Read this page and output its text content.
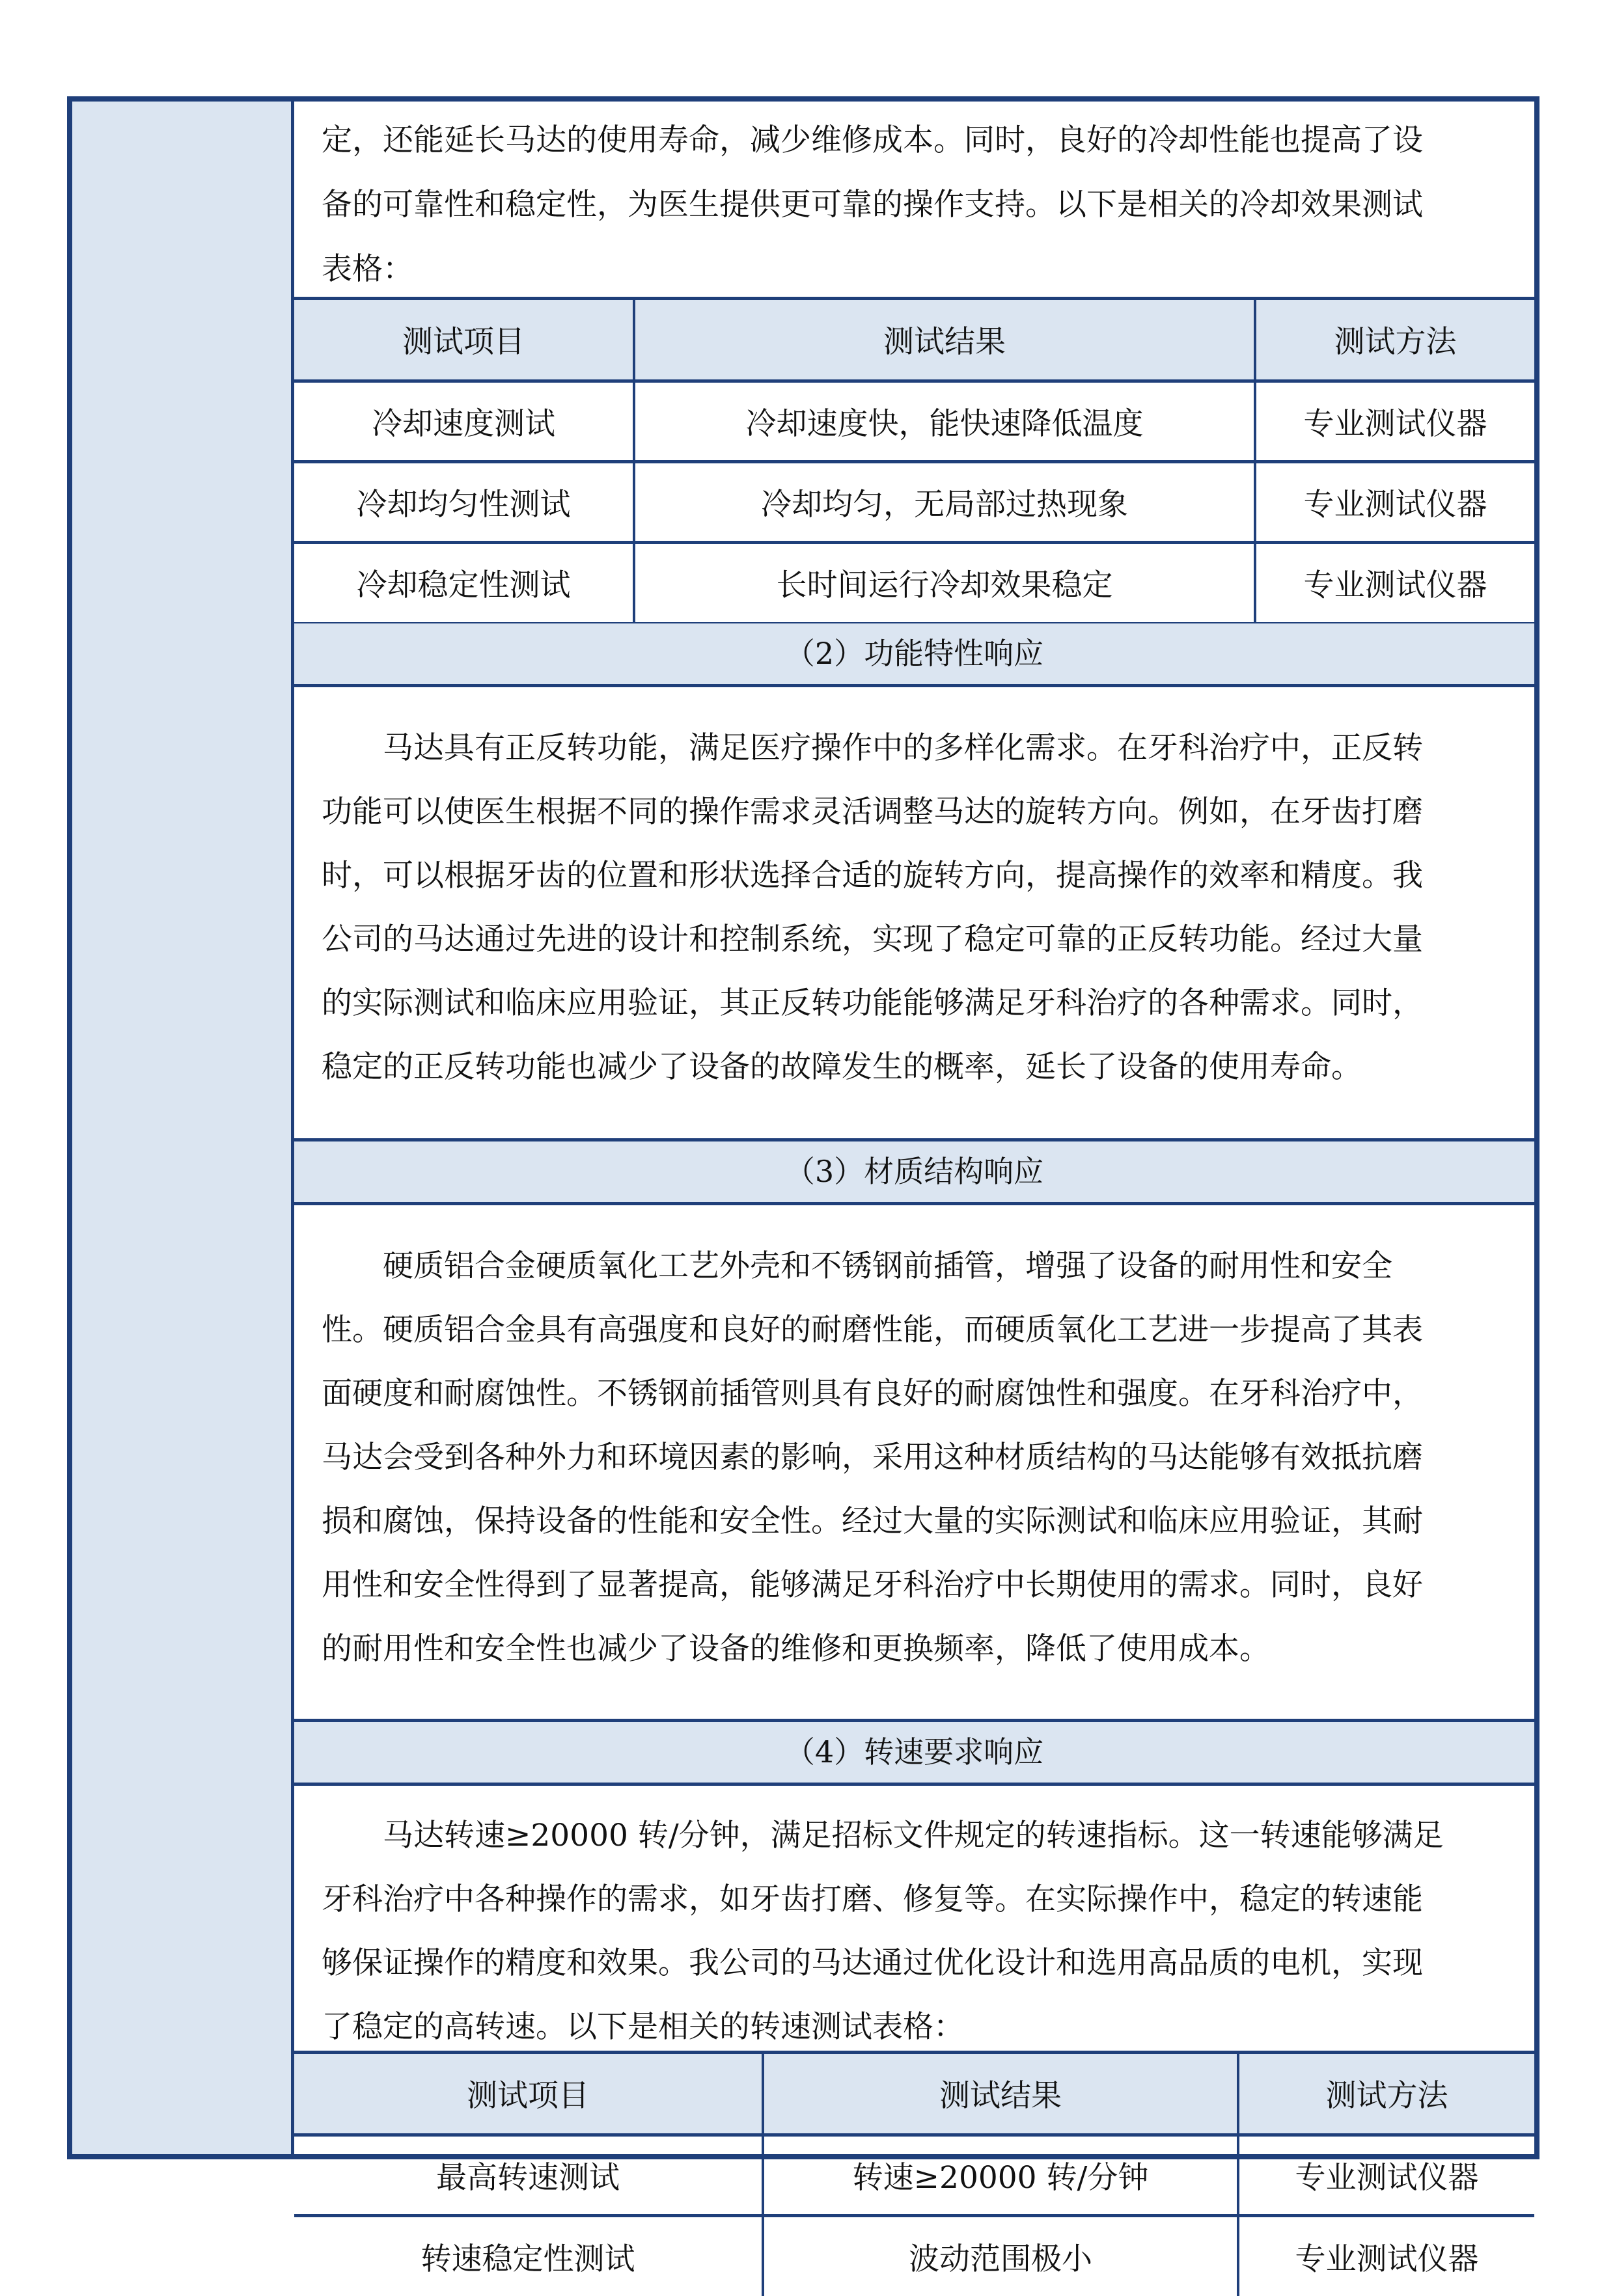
定，还能延长马达的使用寿命，减少维修成本。同时，良好的冷却性能也提高了设
备的可靠性和稳定性，为医生提供更可靠的操作支持。以下是相关的冷却效果测试
表格：
测试项目	测试结果	测试方法
冷却速度测试	冷却速度快，能快速降低温度	专业测试仪器
冷却均匀性测试	冷却均匀，无局部过热现象	专业测试仪器
冷却稳定性测试	长时间运行冷却效果稳定	专业测试仪器
（2）功能特性响应
马达具有正反转功能，满足医疗操作中的多样化需求。在牙科治疗中，正反转
功能可以使医生根据不同的操作需求灵活调整马达的旋转方向。例如，在牙齿打磨
时，可以根据牙齿的位置和形状选择合适的旋转方向，提高操作的效率和精度。我
公司的马达通过先进的设计和控制系统，实现了稳定可靠的正反转功能。经过大量
的实际测试和临床应用验证，其正反转功能能够满足牙科治疗的各种需求。同时，
稳定的正反转功能也减少了设备的故障发生的概率，延长了设备的使用寿命。
（3）材质结构响应
硬质铝合金硬质氧化工艺外壳和不锈钢前插管，增强了设备的耐用性和安全
性。硬质铝合金具有高强度和良好的耐磨性能，而硬质氧化工艺进一步提高了其表
面硬度和耐腐蚀性。不锈钢前插管则具有良好的耐腐蚀性和强度。在牙科治疗中，
马达会受到各种外力和环境因素的影响，采用这种材质结构的马达能够有效抵抗磨
损和腐蚀，保持设备的性能和安全性。经过大量的实际测试和临床应用验证，其耐
用性和安全性得到了显著提高，能够满足牙科治疗中长期使用的需求。同时，良好
的耐用性和安全性也减少了设备的维修和更换频率，降低了使用成本。
（4）转速要求响应
马达转速≥20000 转/分钟，满足招标文件规定的转速指标。这一转速能够满足
牙科治疗中各种操作的需求，如牙齿打磨、修复等。在实际操作中，稳定的转速能
够保证操作的精度和效果。我公司的马达通过优化设计和选用高品质的电机，实现
了稳定的高转速。以下是相关的转速测试表格：
测试项目	测试结果	测试方法
最高转速测试	转速≥20000 转/分钟	专业测试仪器
转速稳定性测试	波动范围极小	专业测试仪器
